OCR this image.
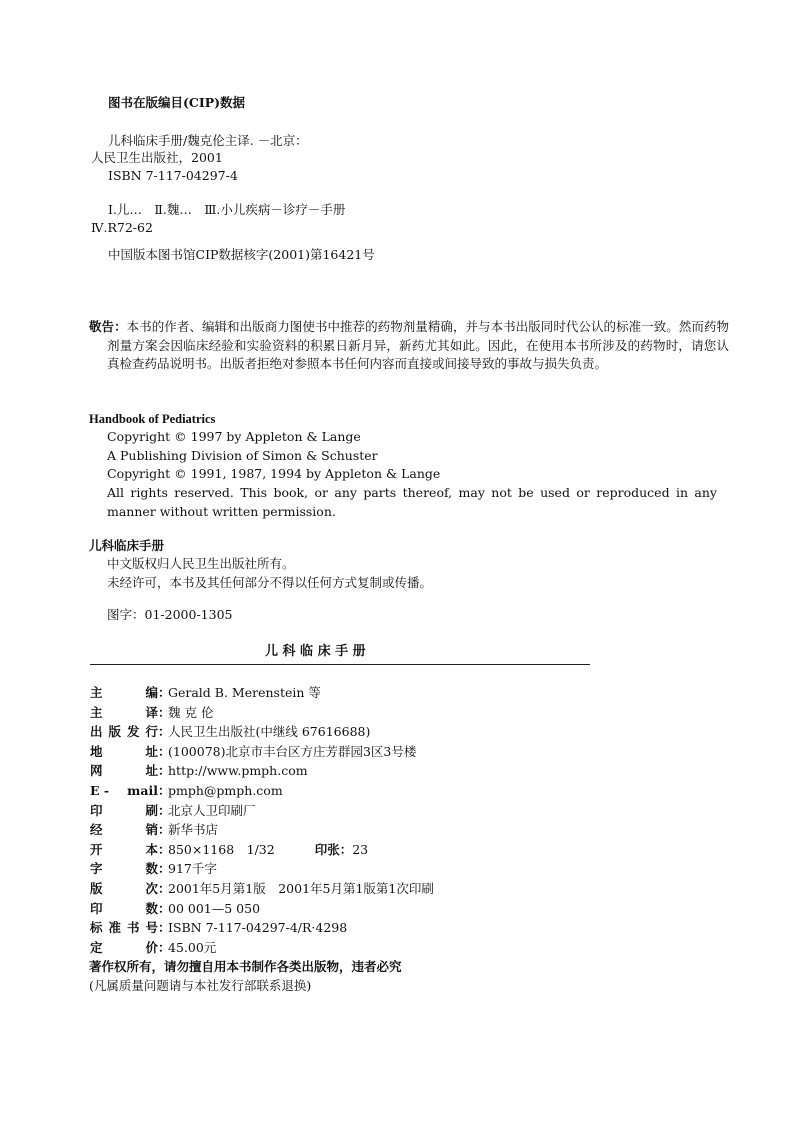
图书在版编目(CIP)数据
儿科临床手册/魏克伦主译. －北京：
人民卫生出版社，2001
ISBN 7-117-04297-4
Ⅰ.儿…　Ⅱ.魏…　Ⅲ.小儿疾病－诊疗－手册
Ⅳ.R72-62
中国版本图书馆CIP数据核字(2001)第16421号
敬告：本书的作者、编辑和出版商力图使书中推荐的药物剂量精确，并与本书出版同时代公认的标准一致。然而药物剂量方案会因临床经验和实验资料的积累日新月异，新药尤其如此。因此，在使用本书所涉及的药物时，请您认真检查药品说明书。出版者拒绝对参照本书任何内容而直接或间接导致的事故与损失负责。
Handbook of Pediatrics
Copyright © 1997 by Appleton & Lange
A Publishing Division of Simon & Schuster
Copyright © 1991, 1987, 1994 by Appleton & Lange
All rights reserved. This book, or any parts thereof, may not be used or reproduced in any manner without written permission.
儿科临床手册
中文版权归人民卫生出版社所有。
未经许可，本书及其任何部分不得以任何方式复制或传播。
图字：01-2000-1305
儿 科 临 床 手 册
主	编 ：
Gerald B. Merenstein 等
主	译 ：
魏 克 伦
出 版 发 行 ：
人民卫生出版社(中继线 67616688)
地	址 ：
(100078)北京市丰台区方庄芳群园3区3号楼
网	址 ：
http://www.pmph.com
E - mail ：
pmph@pmph.com
印	刷 ：
北京人卫印刷厂
经	销 ：
新华书店
开	本 ：
850×1168　1/32	印张： 23
字	数 ：
917千字
版	次 ：
2001年5月第1版　2001年5月第1版第1次印刷
印	数 ：
00 001—5 050
标 准 书 号 ：
ISBN 7-117-04297-4/R·4298
定	价 ：
45.00元
著作权所有，请勿擅自用本书制作各类出版物，违者必究
(凡属质量问题请与本社发行部联系退换)
